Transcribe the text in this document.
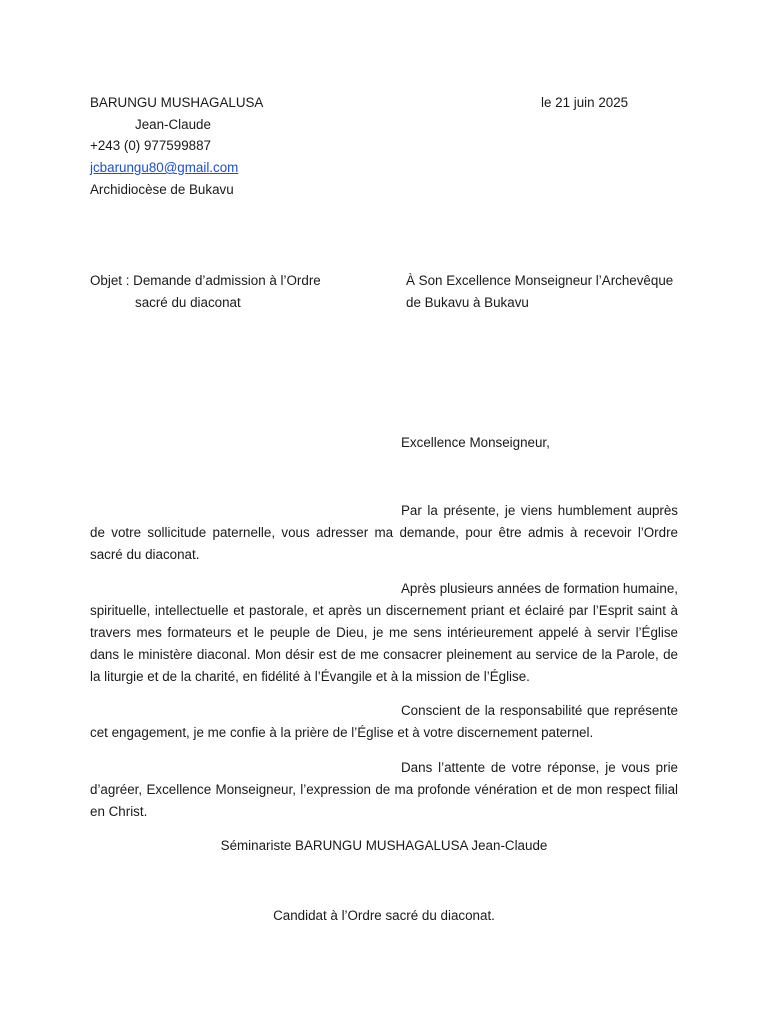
BARUNGU MUSHAGALUSA
Jean-Claude
+243 (0) 977599887
jcbarungu80@gmail.com
Archidiocèse de Bukavu
le 21 juin 2025
Objet : Demande d’admission à l’Ordre
sacré du diaconat
À Son Excellence Monseigneur l’Archevêque
de Bukavu à Bukavu
Excellence Monseigneur,

Par la présente, je viens humblement auprès de votre sollicitude paternelle, vous adresser ma demande, pour être admis à recevoir l’Ordre sacré du diaconat.

Après plusieurs années de formation humaine, spirituelle, intellectuelle et pastorale, et après un discernement priant et éclairé par l’Esprit saint à travers mes formateurs et le peuple de Dieu, je me sens intérieurement appelé à servir l’Église dans le ministère diaconal. Mon désir est de me consacrer pleinement au service de la Parole, de la liturgie et de la charité, en fidélité à l’Évangile et à la mission de l’Église.

Conscient de la responsabilité que représente cet engagement, je me confie à la prière de l’Église et à votre discernement paternel.

Dans l’attente de votre réponse, je vous prie d’agréer, Excellence Monseigneur, l’expression de ma profonde vénération et de mon respect filial en Christ.

Séminariste BARUNGU MUSHAGALUSA Jean-Claude
Candidat à l’Ordre sacré du diaconat.
